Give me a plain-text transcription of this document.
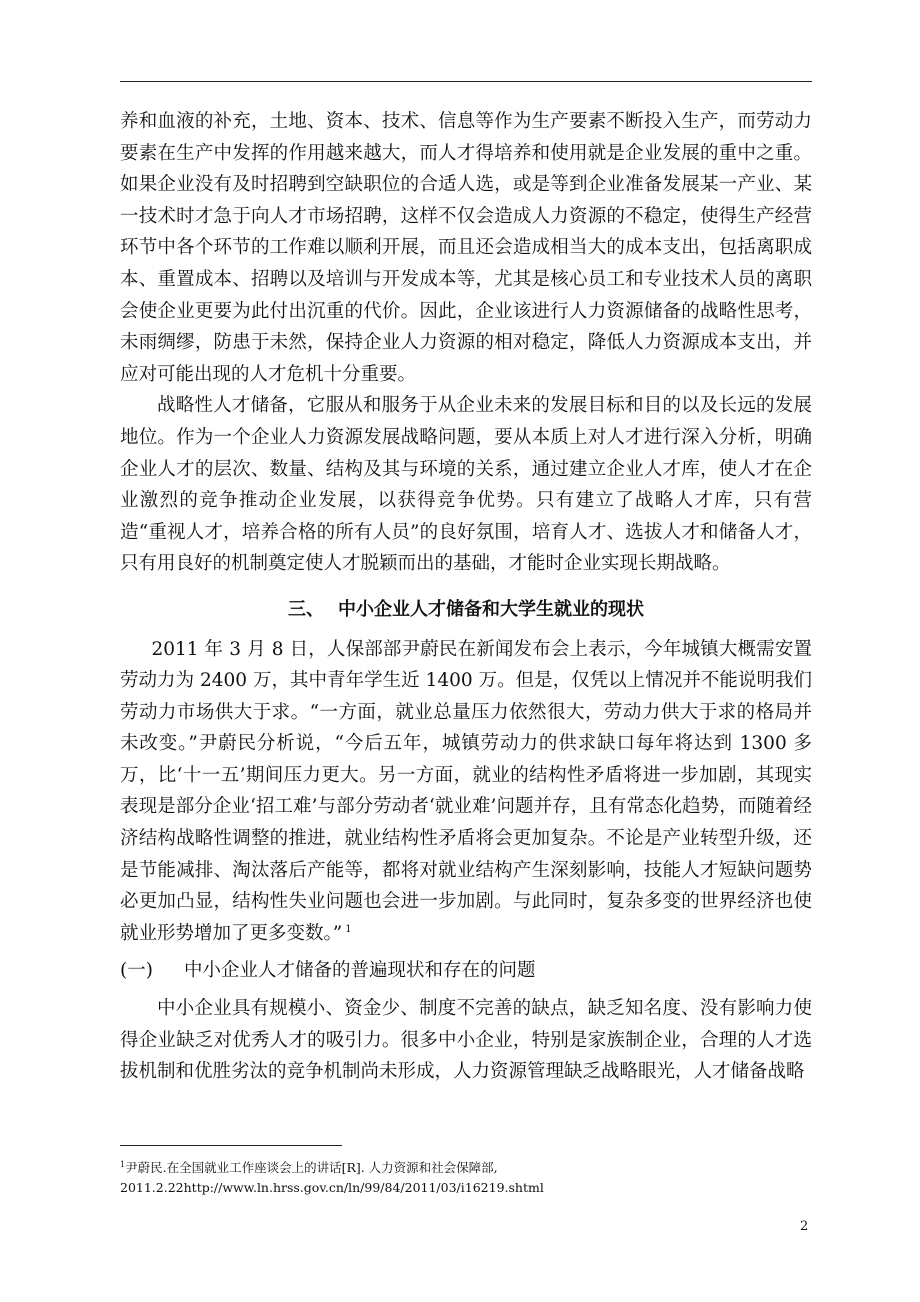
养和血液的补充，土地、资本、技术、信息等作为生产要素不断投入生产，而劳动力要素在生产中发挥的作用越来越大，而人才得培养和使用就是企业发展的重中之重。如果企业没有及时招聘到空缺职位的合适人选，或是等到企业准备发展某一产业、某一技术时才急于向人才市场招聘，这样不仅会造成人力资源的不稳定，使得生产经营环节中各个环节的工作难以顺利开展，而且还会造成相当大的成本支出，包括离职成本、重置成本、招聘以及培训与开发成本等，尤其是核心员工和专业技术人员的离职会使企业更要为此付出沉重的代价。因此，企业该进行人力资源储备的战略性思考，未雨绸缪，防患于未然，保持企业人力资源的相对稳定，降低人力资源成本支出，并应对可能出现的人才危机十分重要。

战略性人才储备，它服从和服务于从企业未来的发展目标和目的以及长远的发展地位。作为一个企业人力资源发展战略问题，要从本质上对人才进行深入分析，明确企业人才的层次、数量、结构及其与环境的关系，通过建立企业人才库，使人才在企业激烈的竞争推动企业发展，以获得竞争优势。只有建立了战略人才库，只有营造“重视人才，培养合格的所有人员”的良好氛围，培育人才、选拔人才和储备人才，只有用良好的机制奠定使人才脱颖而出的基础，才能时企业实现长期战略。

三、 中小企业人才储备和大学生就业的现状

2011 年 3 月 8 日，人保部部尹蔚民在新闻发布会上表示，今年城镇大概需安置劳动力为 2400 万，其中青年学生近 1400 万。但是，仅凭以上情况并不能说明我们劳动力市场供大于求。“一方面，就业总量压力依然很大，劳动力供大于求的格局并未改变。”尹蔚民分析说，“今后五年，城镇劳动力的供求缺口每年将达到 1300 多万，比‘十一五’期间压力更大。另一方面，就业的结构性矛盾将进一步加剧，其现实表现是部分企业‘招工难’与部分劳动者‘就业难’问题并存，且有常态化趋势，而随着经济结构战略性调整的推进，就业结构性矛盾将会更加复杂。不论是产业转型升级，还是节能减排、淘汰落后产能等，都将对就业结构产生深刻影响，技能人才短缺问题势必更加凸显，结构性失业问题也会进一步加剧。与此同时，复杂多变的世界经济也使就业形势增加了更多变数。” $^1$

(一) 中小企业人才储备的普遍现状和存在的问题

中小企业具有规模小、资金少、制度不完善的缺点，缺乏知名度、没有影响力使得企业缺乏对优秀人才的吸引力。很多中小企业，特别是家族制企业，合理的人才选拔机制和优胜劣汰的竞争机制尚未形成，人力资源管理缺乏战略眼光，人才储备战略

$^1$尹蔚民.在全国就业工作座谈会上的讲话[R]. 人力资源和社会保障部,
2011.2.22http://www.ln.hrss.gov.cn/ln/99/84/2011/03/i16219.shtml
2
